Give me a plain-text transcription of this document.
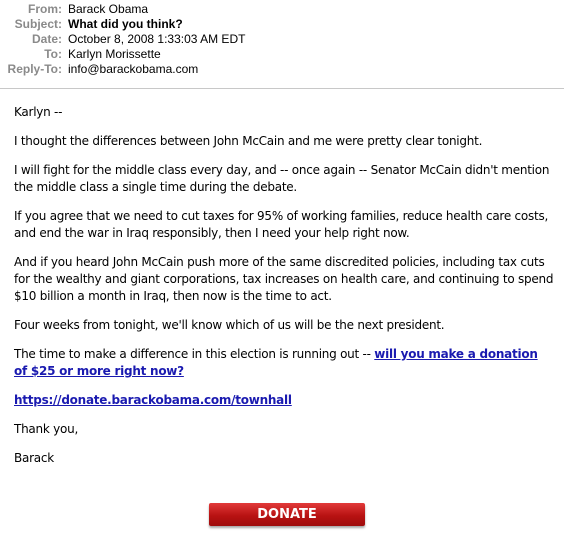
From: Barack Obama
Subject: What did you think?
Date: October 8, 2008 1:33:03 AM EDT
To: Karlyn Morissette
Reply-To: info@barackobama.com

Karlyn --

I thought the differences between John McCain and me were pretty clear tonight.

I will fight for the middle class every day, and -- once again -- Senator McCain didn't mention the middle class a single time during the debate.

If you agree that we need to cut taxes for 95% of working families, reduce health care costs, and end the war in Iraq responsibly, then I need your help right now.

And if you heard John McCain push more of the same discredited policies, including tax cuts for the wealthy and giant corporations, tax increases on health care, and continuing to spend $10 billion a month in Iraq, then now is the time to act.

Four weeks from tonight, we'll know which of us will be the next president.

The time to make a difference in this election is running out -- will you make a donation of $25 or more right now?

https://donate.barackobama.com/townhall

Thank you,

Barack

DONATE
